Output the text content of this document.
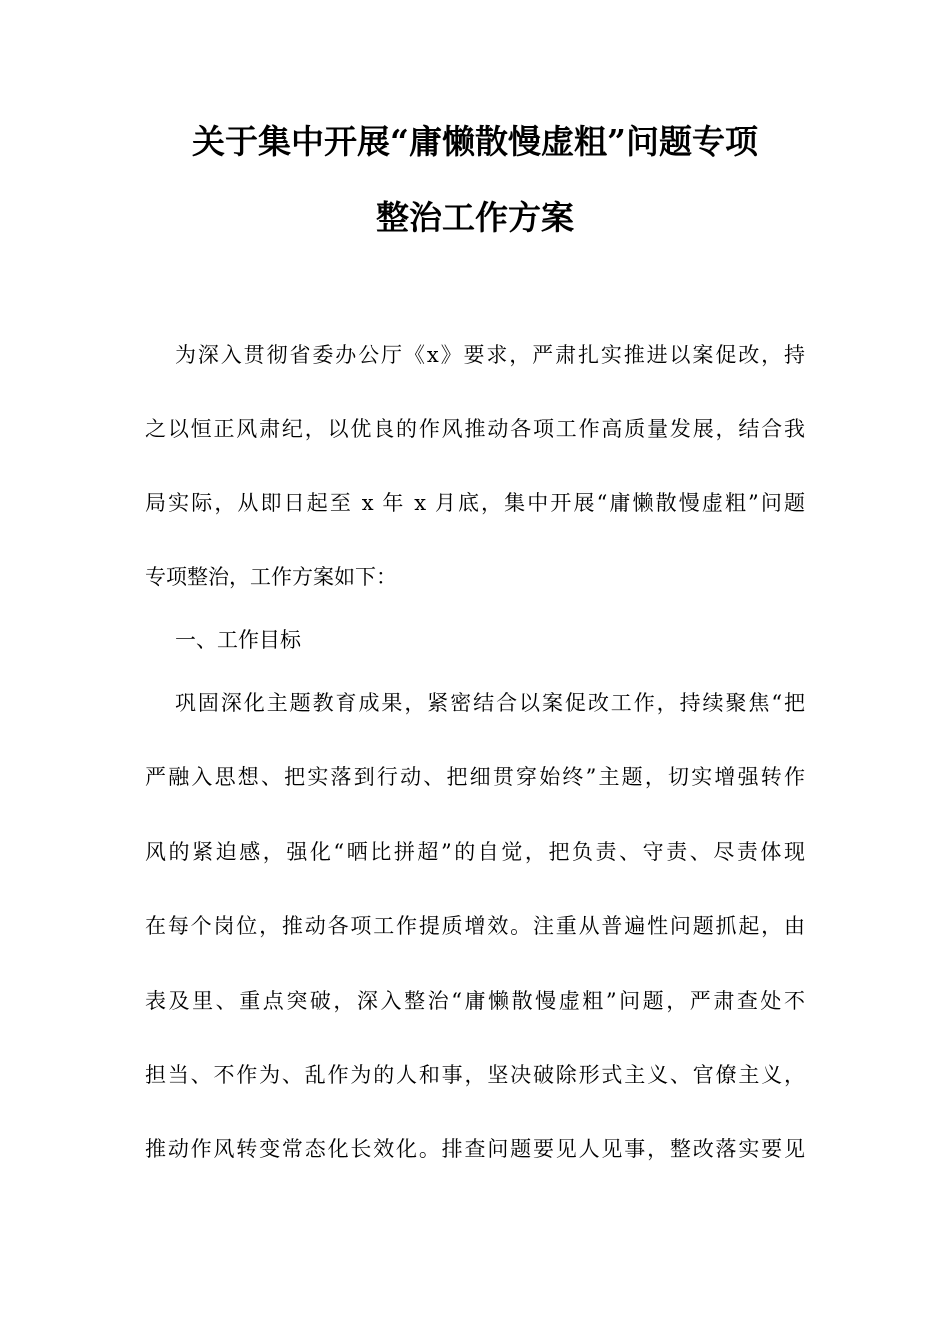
关于集中开展“庸懒散慢虚粗”问题专项
整治工作方案
为深入贯彻省委办公厅《x》要求，严肃扎实推进以案促改，持
之以恒正风肃纪，以优良的作风推动各项工作高质量发展，结合我
局实际，从即日起至 x 年 x 月底，集中开展“庸懒散慢虚粗”问题
专项整治，工作方案如下：
一、工作目标
巩固深化主题教育成果，紧密结合以案促改工作，持续聚焦“把
严融入思想、把实落到行动、把细贯穿始终”主题，切实增强转作
风的紧迫感，强化“晒比拼超”的自觉，把负责、守责、尽责体现
在每个岗位，推动各项工作提质增效。注重从普遍性问题抓起，由
表及里、重点突破，深入整治“庸懒散慢虚粗”问题，严肃查处不
担当、不作为、乱作为的人和事，坚决破除形式主义、官僚主义，
推动作风转变常态化长效化。排查问题要见人见事，整改落实要见
